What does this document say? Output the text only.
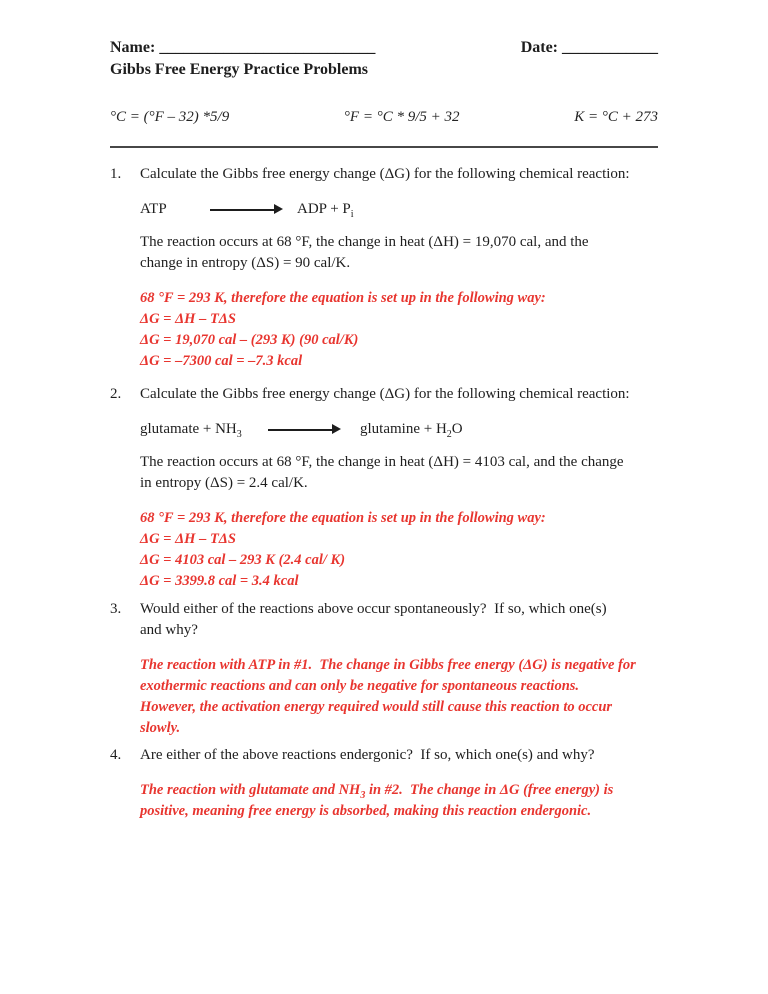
Name: ___________________________	Date: ____________
Gibbs Free Energy Practice Problems
°C = (°F – 32) *5/9	°F = °C * 9/5 + 32	K = °C + 273
1.	Calculate the Gibbs free energy change (ΔG) for the following chemical reaction:
ATP	ADP + $P_i$
The reaction occurs at 68 °F, the change in heat (ΔH) = 19,070 cal, and the
change in entropy (ΔS) = 90 cal/K.
68 °F = 293 K, therefore the equation is set up in the following way:
ΔG = ΔH – TΔS
ΔG = 19,070 cal – (293 K) (90 cal/K)
ΔG = –7300 cal = –7.3 kcal
2.	Calculate the Gibbs free energy change (ΔG) for the following chemical reaction:
glutamate + $NH_3$	glutamine + $H_2O$
The reaction occurs at 68 °F, the change in heat (ΔH) = 4103 cal, and the change
in entropy (ΔS) = 2.4 cal/K.
68 °F = 293 K, therefore the equation is set up in the following way:
ΔG = ΔH – TΔS
ΔG = 4103 cal – 293 K (2.4 cal/ K)
ΔG = 3399.8 cal = 3.4 kcal
3.	Would either of the reactions above occur spontaneously?  If so, which one(s)
and why?
The reaction with ATP in #1.  The change in Gibbs free energy (ΔG) is negative for
exothermic reactions and can only be negative for spontaneous reactions.
However, the activation energy required would still cause this reaction to occur
slowly.
4.	Are either of the above reactions endergonic?  If so, which one(s) and why?
The reaction with glutamate and $NH_3$ in #2.  The change in ΔG (free energy) is
positive, meaning free energy is absorbed, making this reaction endergonic.
